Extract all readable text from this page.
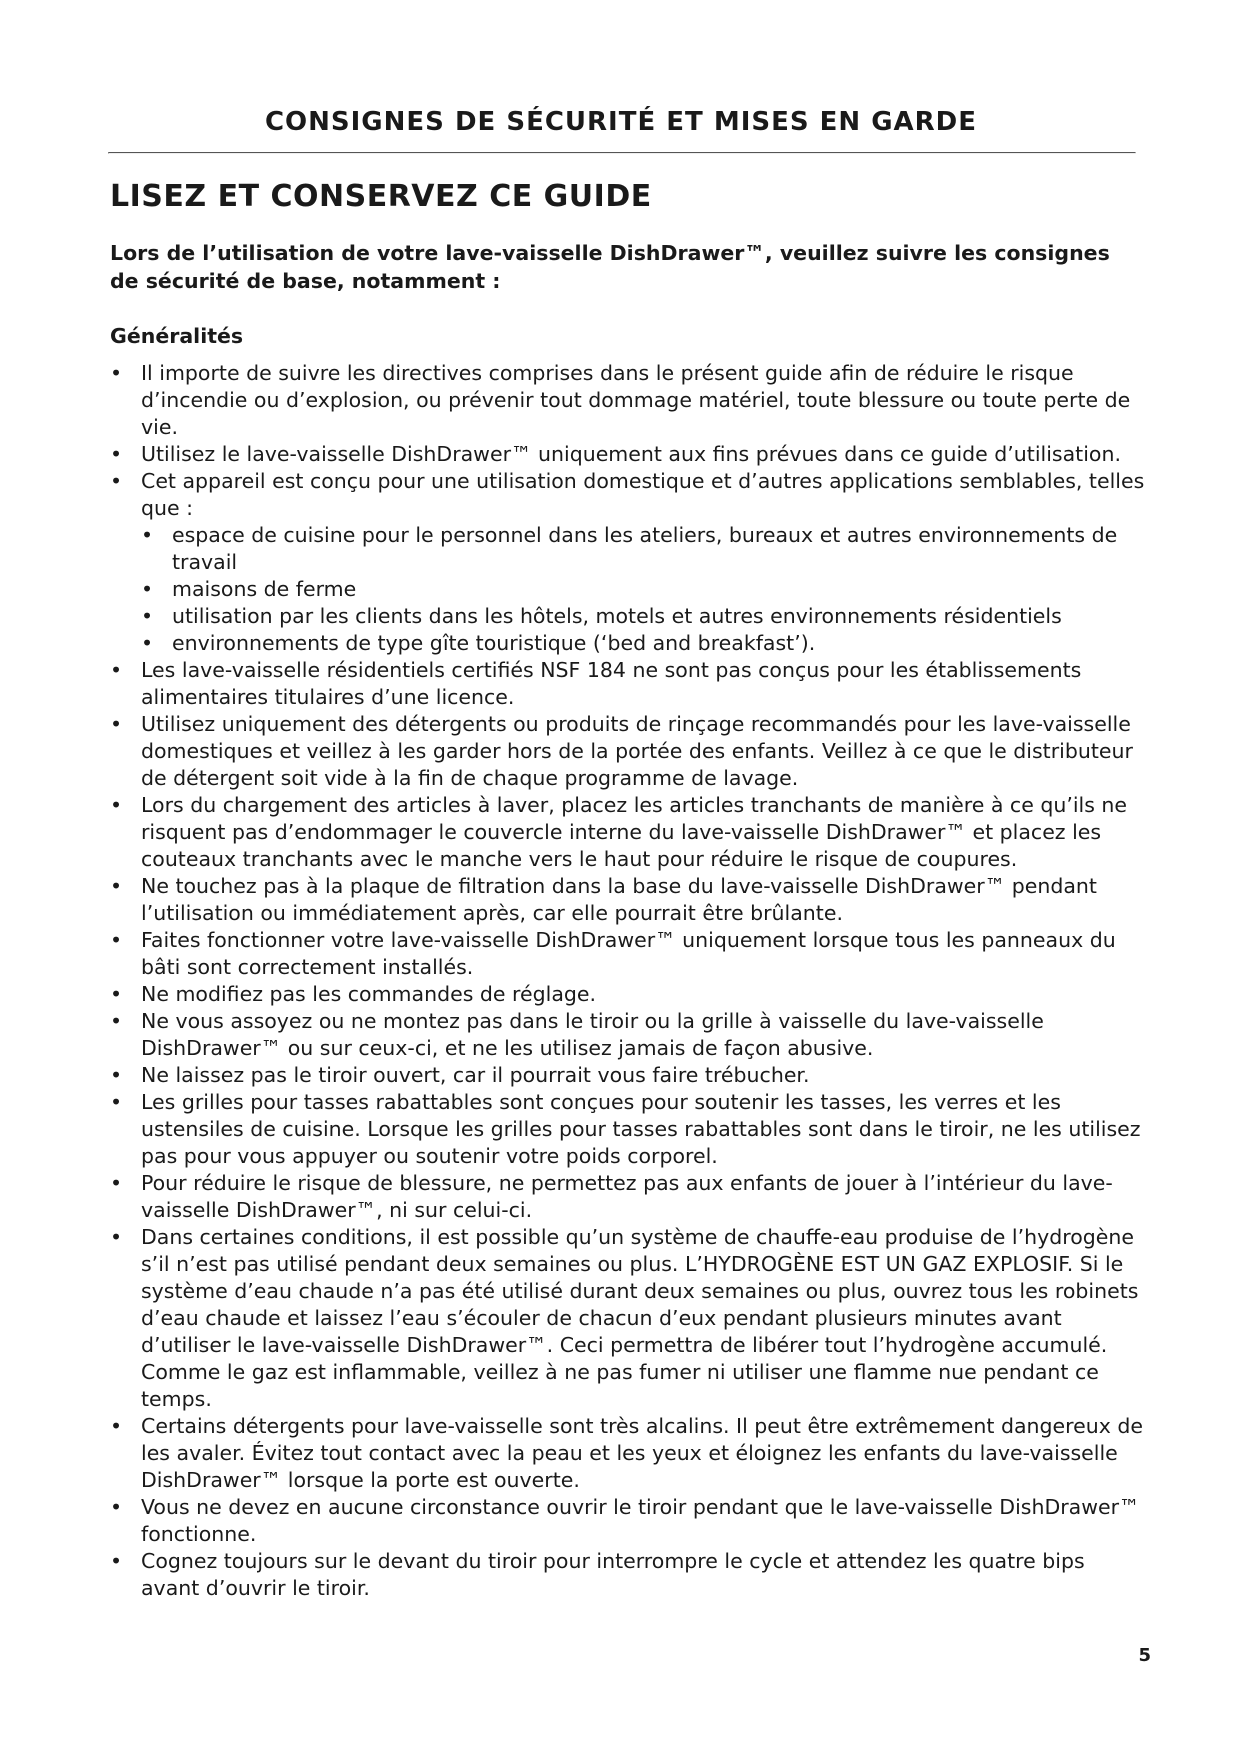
CONSIGNES DE SÉCURITÉ ET MISES EN GARDE
LISEZ ET CONSERVEZ CE GUIDE

Lors de l’utilisation de votre lave-vaisselle DishDrawer™, veuillez suivre les consignes de sécurité de base, notamment :

Généralités
• Il importe de suivre les directives comprises dans le présent guide afin de réduire le risque d’incendie ou d’explosion, ou prévenir tout dommage matériel, toute blessure ou toute perte de vie.
• Utilisez le lave-vaisselle DishDrawer™ uniquement aux fins prévues dans ce guide d’utilisation.
• Cet appareil est conçu pour une utilisation domestique et d’autres applications semblables, telles que :
• espace de cuisine pour le personnel dans les ateliers, bureaux et autres environnements de travail
• maisons de ferme
• utilisation par les clients dans les hôtels, motels et autres environnements résidentiels
• environnements de type gîte touristique (‘bed and breakfast’).
• Les lave-vaisselle résidentiels certifiés NSF 184 ne sont pas conçus pour les établissements alimentaires titulaires d’une licence.
• Utilisez uniquement des détergents ou produits de rinçage recommandés pour les lave-vaisselle domestiques et veillez à les garder hors de la portée des enfants. Veillez à ce que le distributeur de détergent soit vide à la fin de chaque programme de lavage.
• Lors du chargement des articles à laver, placez les articles tranchants de manière à ce qu’ils ne risquent pas d’endommager le couvercle interne du lave-vaisselle DishDrawer™ et placez les couteaux tranchants avec le manche vers le haut pour réduire le risque de coupures.
• Ne touchez pas à la plaque de filtration dans la base du lave-vaisselle DishDrawer™ pendant l’utilisation ou immédiatement après, car elle pourrait être brûlante.
• Faites fonctionner votre lave-vaisselle DishDrawer™ uniquement lorsque tous les panneaux du bâti sont correctement installés.
• Ne modifiez pas les commandes de réglage.
• Ne vous assoyez ou ne montez pas dans le tiroir ou la grille à vaisselle du lave-vaisselle DishDrawer™ ou sur ceux-ci, et ne les utilisez jamais de façon abusive.
• Ne laissez pas le tiroir ouvert, car il pourrait vous faire trébucher.
• Les grilles pour tasses rabattables sont conçues pour soutenir les tasses, les verres et les ustensiles de cuisine. Lorsque les grilles pour tasses rabattables sont dans le tiroir, ne les utilisez pas pour vous appuyer ou soutenir votre poids corporel.
• Pour réduire le risque de blessure, ne permettez pas aux enfants de jouer à l’intérieur du lave-vaisselle DishDrawer™, ni sur celui-ci.
• Dans certaines conditions, il est possible qu’un système de chauffe-eau produise de l’hydrogène s’il n’est pas utilisé pendant deux semaines ou plus. L’HYDROGÈNE EST UN GAZ EXPLOSIF. Si le système d’eau chaude n’a pas été utilisé durant deux semaines ou plus, ouvrez tous les robinets d’eau chaude et laissez l’eau s’écouler de chacun d’eux pendant plusieurs minutes avant d’utiliser le lave-vaisselle DishDrawer™. Ceci permettra de libérer tout l’hydrogène accumulé. Comme le gaz est inflammable, veillez à ne pas fumer ni utiliser une flamme nue pendant ce temps.
• Certains détergents pour lave-vaisselle sont très alcalins. Il peut être extrêmement dangereux de les avaler. Évitez tout contact avec la peau et les yeux et éloignez les enfants du lave-vaisselle DishDrawer™ lorsque la porte est ouverte.
• Vous ne devez en aucune circonstance ouvrir le tiroir pendant que le lave-vaisselle DishDrawer™ fonctionne.
• Cognez toujours sur le devant du tiroir pour interrompre le cycle et attendez les quatre bips avant d’ouvrir le tiroir.

5
